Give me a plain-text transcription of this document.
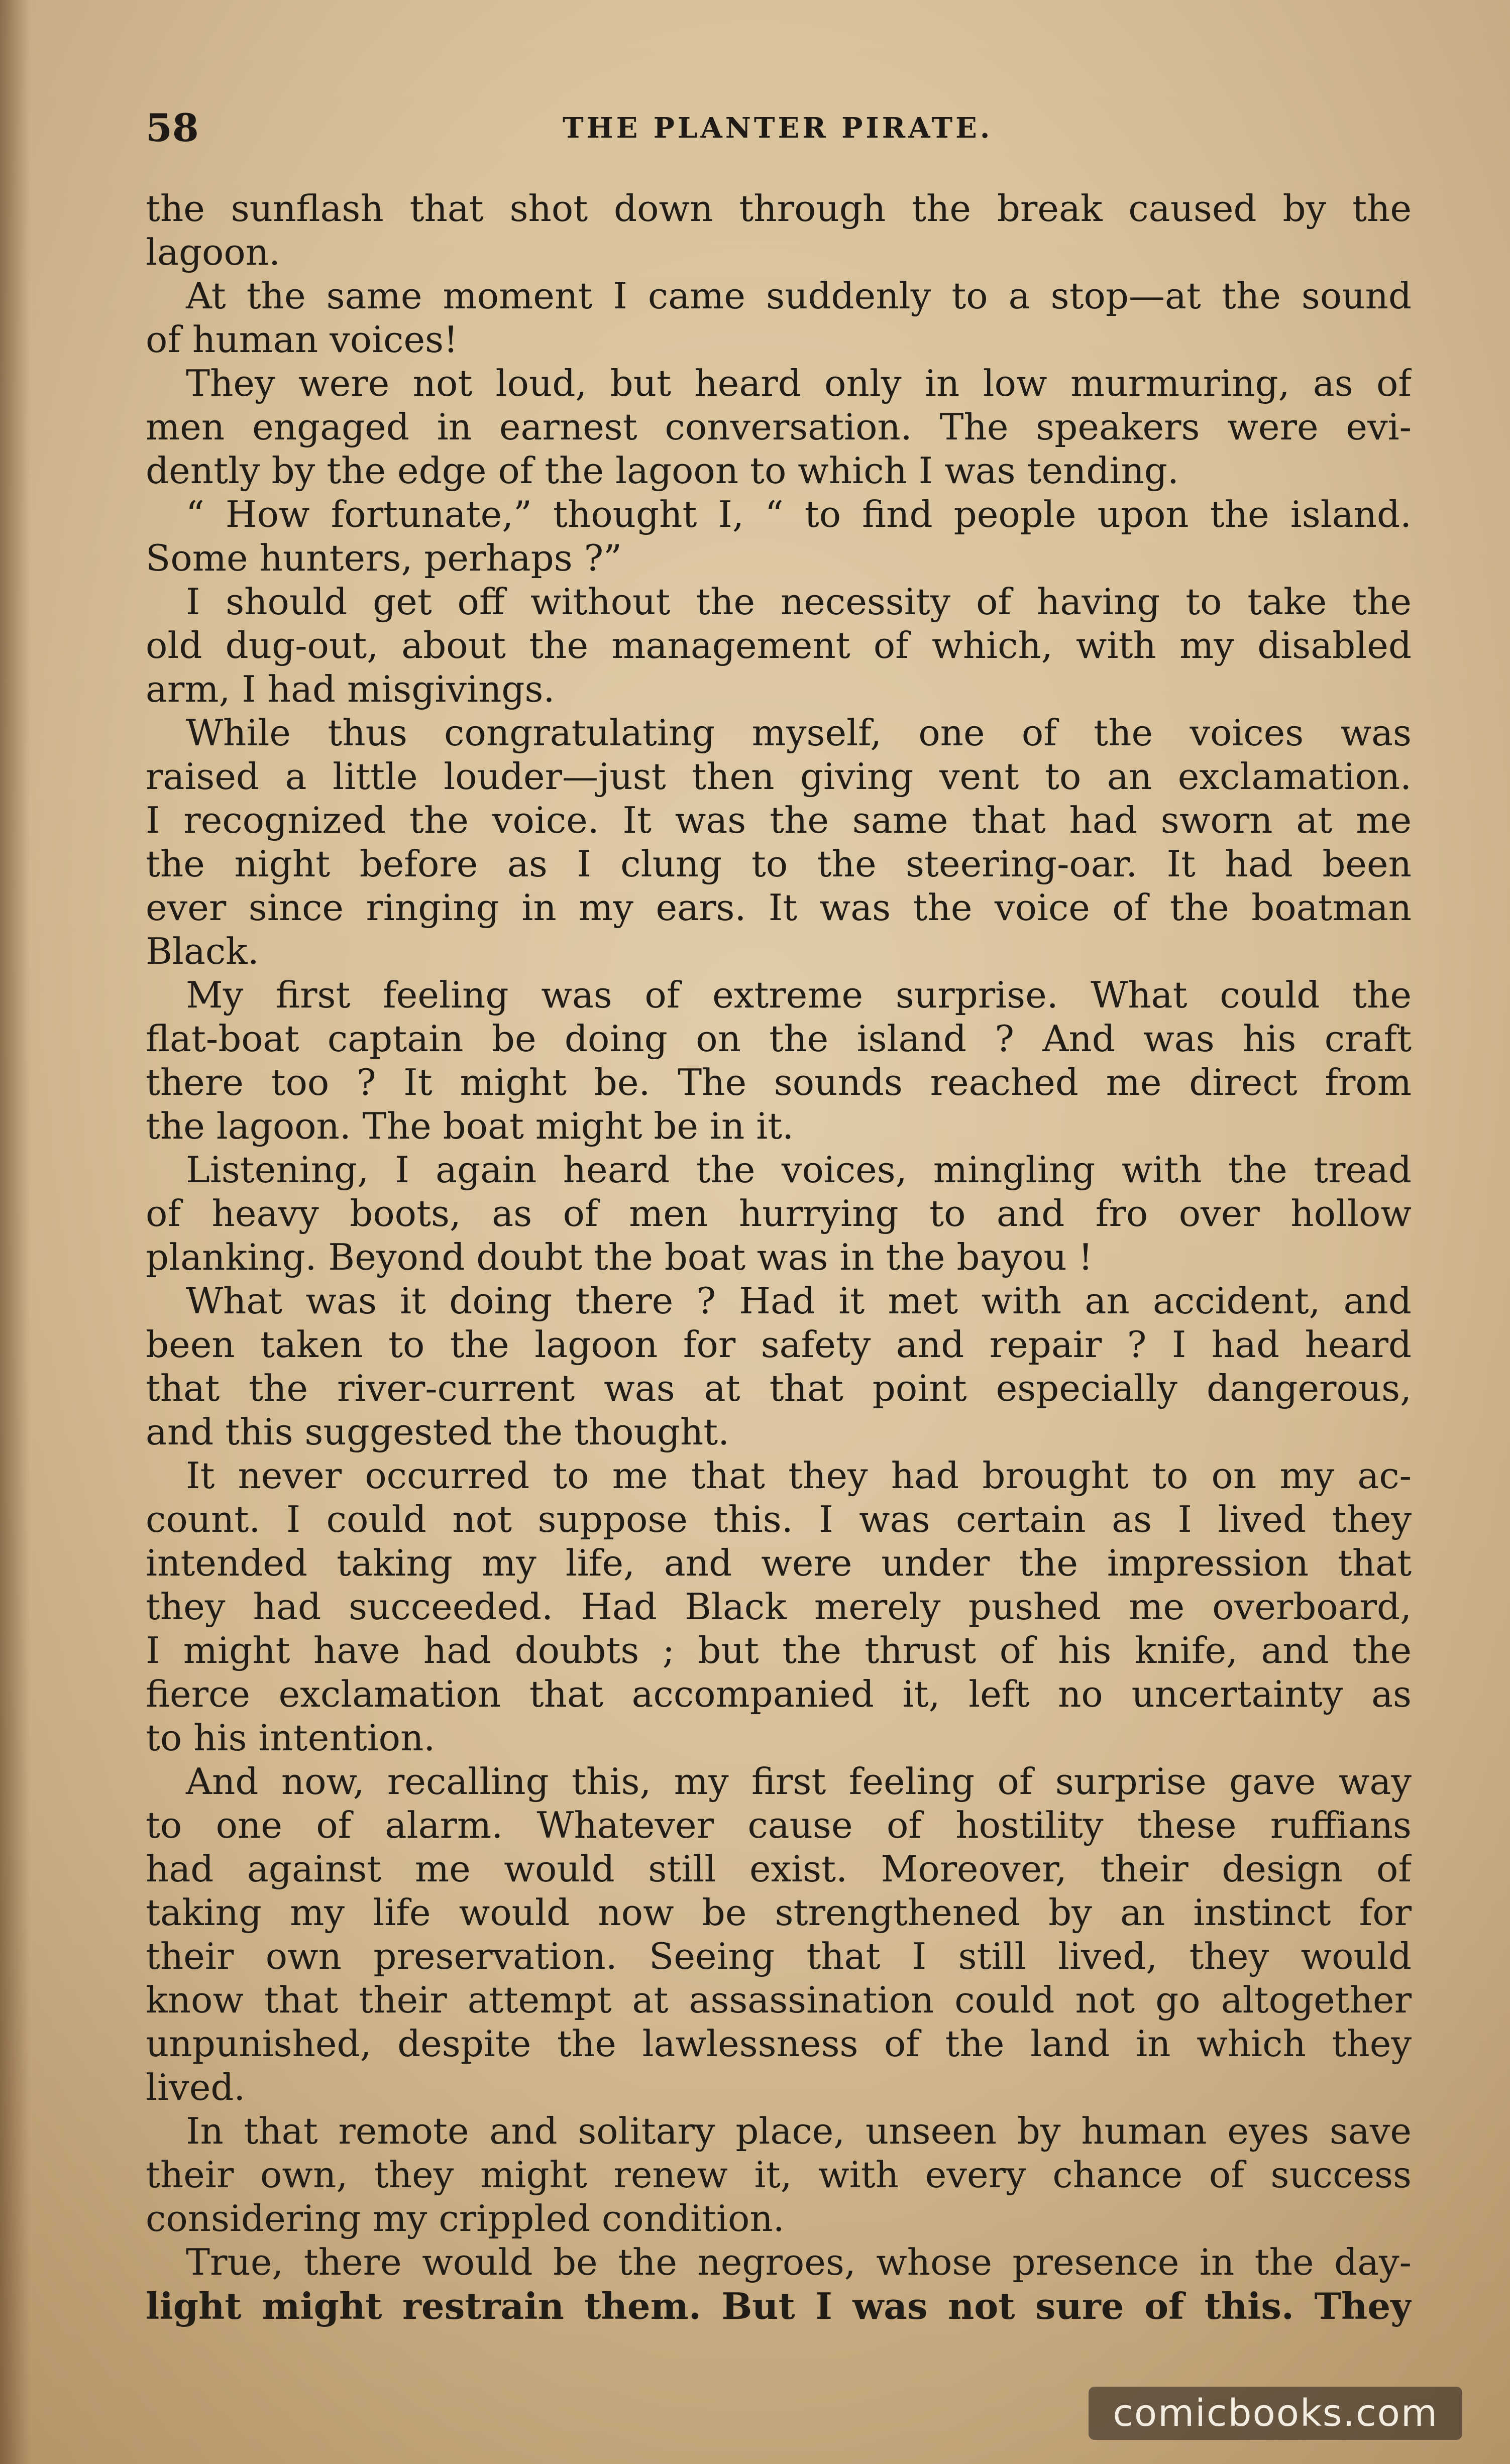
58	THE PLANTER PIRATE.
the sunflash that shot down through the break caused by the
lagoon.
At the same moment I came suddenly to a stop—at the sound
of human voices!
They were not loud, but heard only in low murmuring, as of
men engaged in earnest conversation. The speakers were evi-
dently by the edge of the lagoon to which I was tending.
“ How fortunate,” thought I, “ to find people upon the island.
Some hunters, perhaps ?”
I should get off without the necessity of having to take the
old dug-out, about the management of which, with my disabled
arm, I had misgivings.
While thus congratulating myself, one of the voices was
raised a little louder—just then giving vent to an exclamation.
I recognized the voice. It was the same that had sworn at me
the night before as I clung to the steering-oar. It had been
ever since ringing in my ears. It was the voice of the boatman
Black.
My first feeling was of extreme surprise. What could the
flat-boat captain be doing on the island ? And was his craft
there too ? It might be. The sounds reached me direct from
the lagoon. The boat might be in it.
Listening, I again heard the voices, mingling with the tread
of heavy boots, as of men hurrying to and fro over hollow
planking. Beyond doubt the boat was in the bayou !
What was it doing there ? Had it met with an accident, and
been taken to the lagoon for safety and repair ? I had heard
that the river-current was at that point especially dangerous,
and this suggested the thought.
It never occurred to me that they had brought to on my ac-
count. I could not suppose this. I was certain as I lived they
intended taking my life, and were under the impression that
they had succeeded. Had Black merely pushed me overboard,
I might have had doubts ; but the thrust of his knife, and the
fierce exclamation that accompanied it, left no uncertainty as
to his intention.
And now, recalling this, my first feeling of surprise gave way
to one of alarm. Whatever cause of hostility these ruffians
had against me would still exist. Moreover, their design of
taking my life would now be strengthened by an instinct for
their own preservation. Seeing that I still lived, they would
know that their attempt at assassination could not go altogether
unpunished, despite the lawlessness of the land in which they
lived.
In that remote and solitary place, unseen by human eyes save
their own, they might renew it, with every chance of success
considering my crippled condition.
True, there would be the negroes, whose presence in the day-
light might restrain them. But I was not sure of this. They
comicbooks.com
